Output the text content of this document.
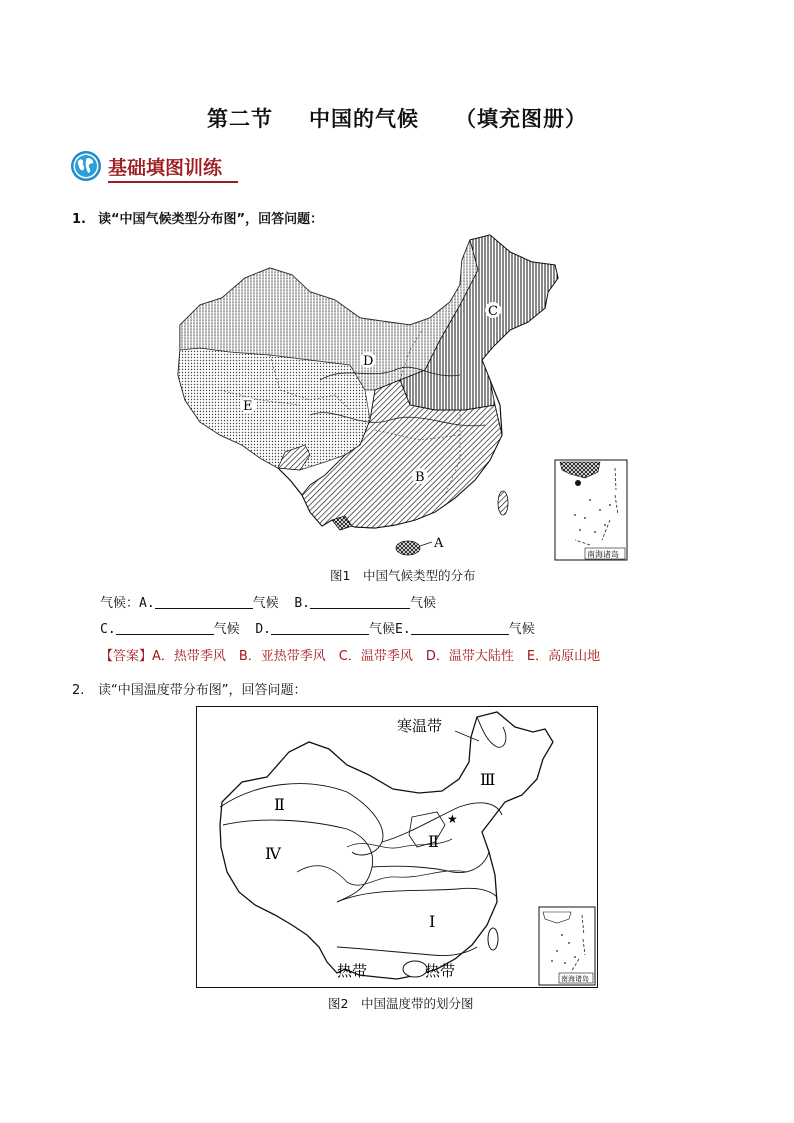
第二节 中国的气候 （填充图册）
基础填图训练
1. 读“中国气候类型分布图”，回答问题：
C
D
E
B
A
南海诸岛
图1　中国气候类型的分布
气候：A.	气候 B.	气候
C.	气候 D.	气候E.	气候
【答案】A．热带季风　B．亚热带季风　C．温带季风　D．温带大陆性　E．高原山地
2. 读“中国温度带分布图”，回答问题：
寒温带
Ⅲ
Ⅱ
Ⅱ
★
Ⅳ
Ⅰ
热带	热带	南海诸岛
图2　中国温度带的划分图
